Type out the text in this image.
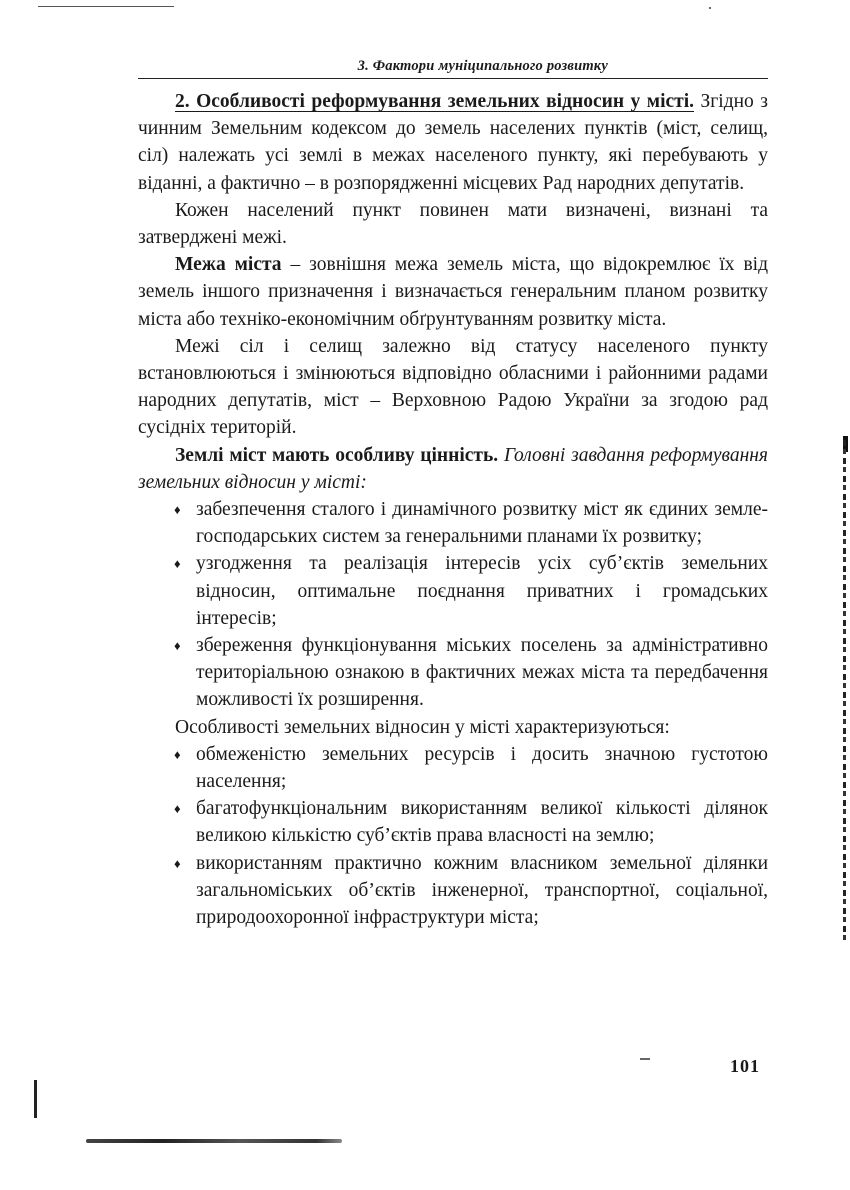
3. Фактори муніципального розвитку

2. Особливості реформування земельних відносин у місті. Згідно з чинним Земельним кодексом до земель населених пунктів (міст, селищ, сіл) належать усі землі в межах населеного пункту, які перебувають у віданні, а фактично – в розпорядженні місцевих Рад народних депутатів.

Кожен населений пункт повинен мати визначені, визнані та затверджені межі.

Межа міста – зовнішня межа земель міста, що відокремлює їх від земель іншого призначення і визначається генеральним планом розвитку міста або техніко-економічним обґрунтуванням розвитку міста.

Межі сіл і селищ залежно від статусу населеного пункту встановлюються і змінюються відповідно обласними і районними радами народних депутатів, міст – Верховною Радою України за згодою рад сусідніх територій.

Землі міст мають особливу цінність. Головні завдання реформування земельних відносин у місті:

♦ забезпечення сталого і динамічного розвитку міст як єдиних земле-господарських систем за генеральними планами їх розвитку;
♦ узгодження та реалізація інтересів усіх суб’єктів земельних відносин, оптимальне поєднання приватних і громадських інтересів;
♦ збереження функціонування міських поселень за адміністративно територіальною ознакою в фактичних межах міста та передбачення можливості їх розширення.

Особливості земельних відносин у місті характеризуються:

♦ обмеженістю земельних ресурсів і досить значною густотою населення;
♦ багатофункціональним використанням великої кількості ділянок великою кількістю суб’єктів права власності на землю;
♦ використанням практично кожним власником земельної ділянки загальноміських об’єктів інженерної, транспортної, соціальної, природоохоронної інфраструктури міста;
101
